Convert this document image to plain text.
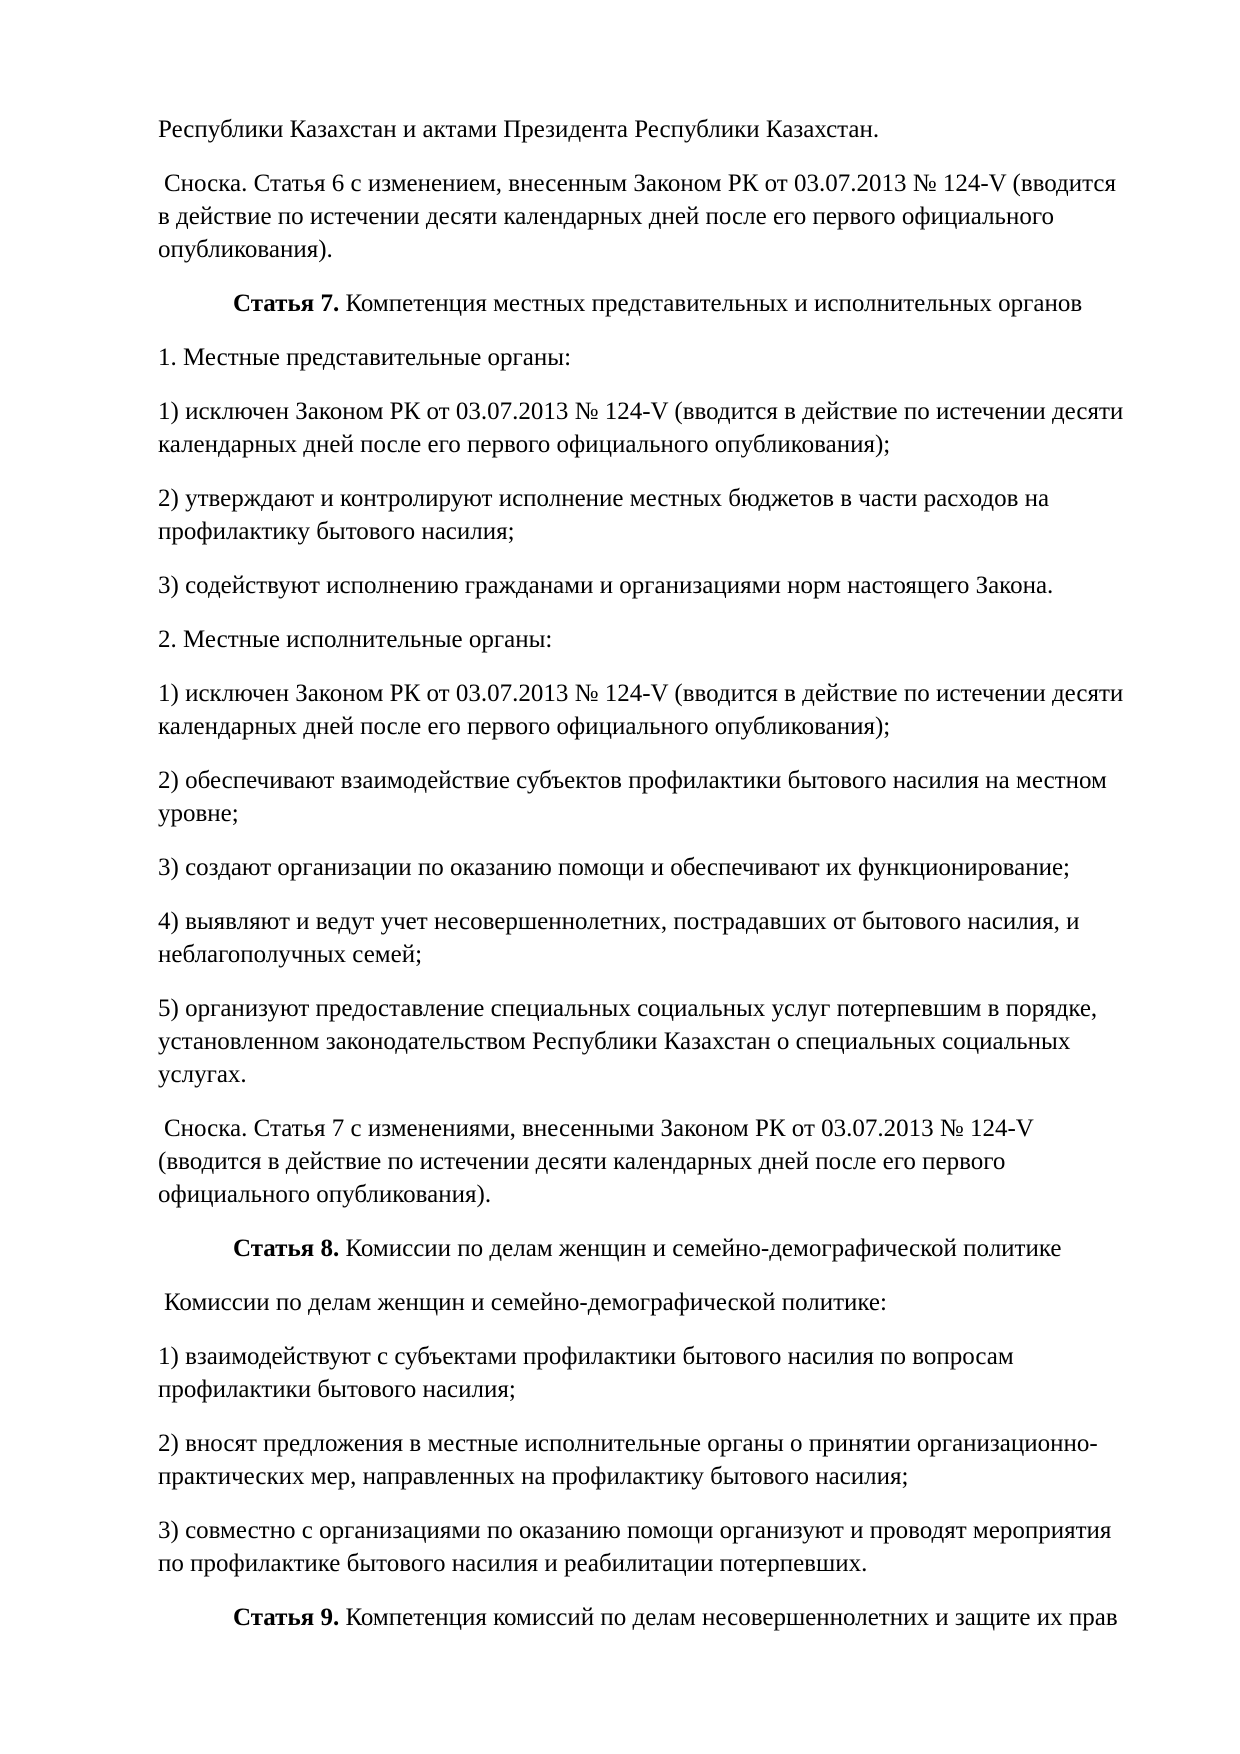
Республики Казахстан и актами Президента Республики Казахстан.
Сноска. Статья 6 с изменением, внесенным Законом РК от 03.07.2013 № 124-V (вводится
в действие по истечении десяти календарных дней после его первого официального
опубликования).
Статья 7. Компетенция местных представительных и исполнительных органов
1. Местные представительные органы:
1) исключен Законом РК от 03.07.2013 № 124-V (вводится в действие по истечении десяти
календарных дней после его первого официального опубликования);
2) утверждают и контролируют исполнение местных бюджетов в части расходов на
профилактику бытового насилия;
3) содействуют исполнению гражданами и организациями норм настоящего Закона.
2. Местные исполнительные органы:
1) исключен Законом РК от 03.07.2013 № 124-V (вводится в действие по истечении десяти
календарных дней после его первого официального опубликования);
2) обеспечивают взаимодействие субъектов профилактики бытового насилия на местном
уровне;
3) создают организации по оказанию помощи и обеспечивают их функционирование;
4) выявляют и ведут учет несовершеннолетних, пострадавших от бытового насилия, и
неблагополучных семей;
5) организуют предоставление специальных социальных услуг потерпевшим в порядке,
установленном законодательством Республики Казахстан о специальных социальных
услугах.
Сноска. Статья 7 с изменениями, внесенными Законом РК от 03.07.2013 № 124-V
(вводится в действие по истечении десяти календарных дней после его первого
официального опубликования).
Статья 8. Комиссии по делам женщин и семейно-демографической политике
Комиссии по делам женщин и семейно-демографической политике:
1) взаимодействуют с субъектами профилактики бытового насилия по вопросам
профилактики бытового насилия;
2) вносят предложения в местные исполнительные органы о принятии организационно-
практических мер, направленных на профилактику бытового насилия;
3) совместно с организациями по оказанию помощи организуют и проводят мероприятия
по профилактике бытового насилия и реабилитации потерпевших.
Статья 9. Компетенция комиссий по делам несовершеннолетних и защите их прав
